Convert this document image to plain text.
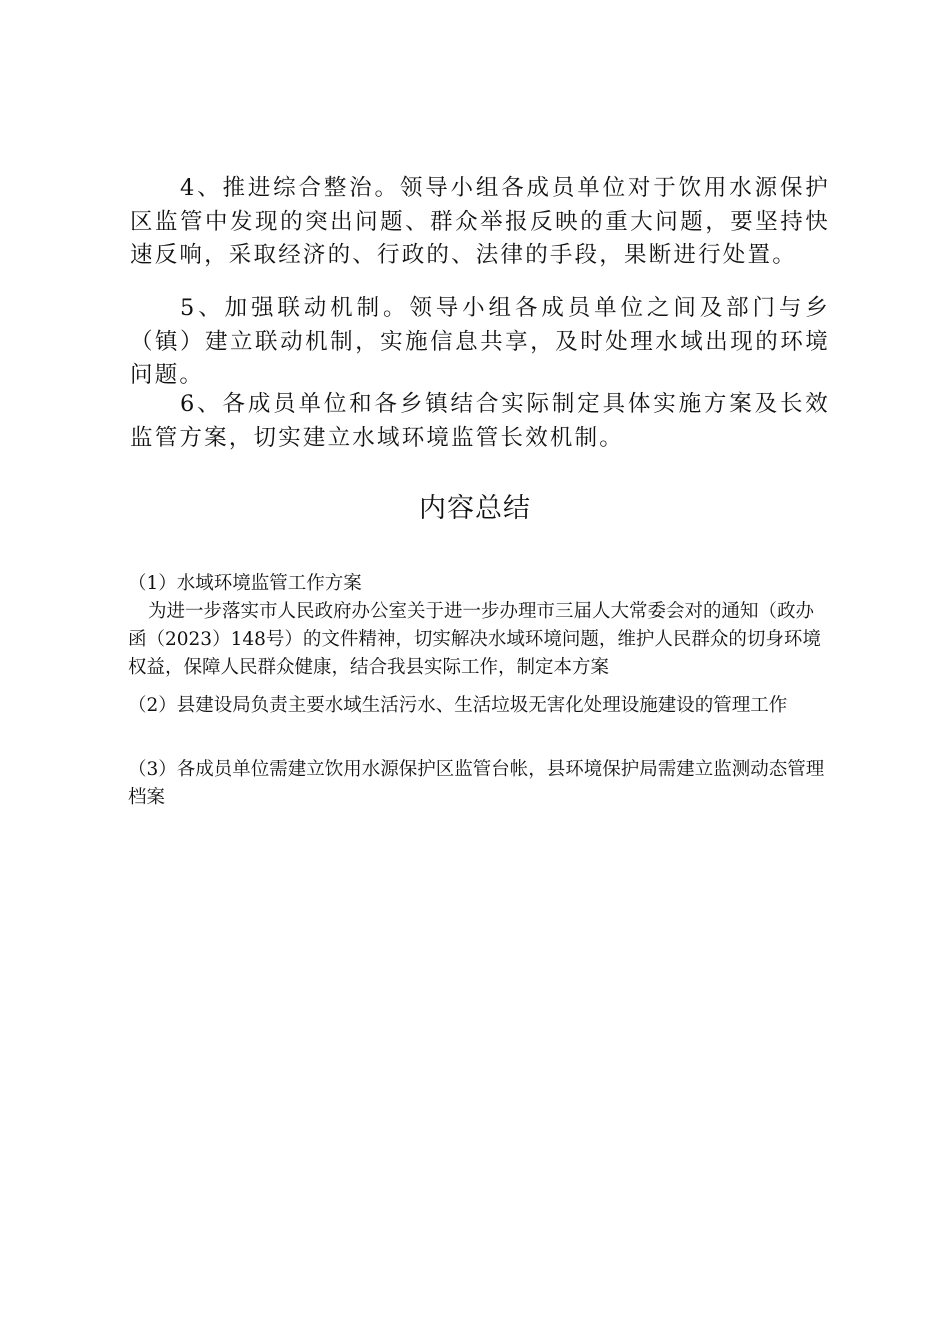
4、推进综合整治。领导小组各成员单位对于饮用水源保护区监管中发现的突出问题、群众举报反映的重大问题，要坚持快速反响，采取经济的、行政的、法律的手段，果断进行处置。

5、加强联动机制。领导小组各成员单位之间及部门与乡（镇）建立联动机制，实施信息共享，及时处理水域出现的环境问题。

6、各成员单位和各乡镇结合实际制定具体实施方案及长效监管方案，切实建立水域环境监管长效机制。

内容总结

（1）水域环境监管工作方案

为进一步落实市人民政府办公室关于进一步办理市三届人大常委会对的通知（政办函（2023）148号）的文件精神，切实解决水域环境问题，维护人民群众的切身环境权益，保障人民群众健康，结合我县实际工作，制定本方案

（2）县建设局负责主要水域生活污水、生活垃圾无害化处理设施建设的管理工作

（3）各成员单位需建立饮用水源保护区监管台帐，县环境保护局需建立监测动态管理档案
